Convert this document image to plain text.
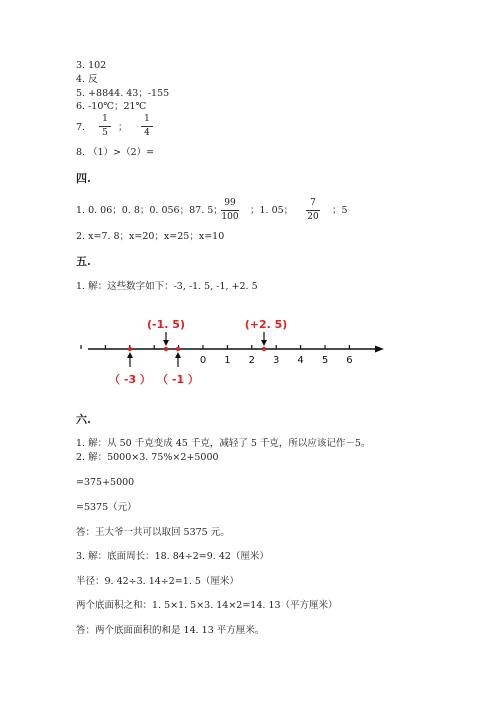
3. 102
4. 反
5. +8844. 43；-155
6. -10℃；21℃
7.
1
5	；
1
4
8. （1）>（2）=
四.
1. 0. 06；0. 8；0. 056；87. 5；
99
100
；1. 05；
7
20
；5
2. x=7. 8；x=20；x=25；x=10
五.
1. 解：这些数字如下：-3, -1. 5, -1, +2. 5
0 1 2 3 4 5 6
(-1. 5)	(+2. 5)
（ -3 ） （ -1 ）
六.
1. 解：从 50 千克变成 45 千克，减轻了 5 千克，所以应该记作－5。
2. 解：5000×3. 75%×2+5000
=375+5000
=5375（元）
答：王大爷一共可以取回 5375 元。
3. 解：底面周长：18. 84÷2=9. 42（厘米）
半径：9. 42÷3. 14÷2=1. 5（厘米）
两个底面积之和：1. 5×1. 5×3. 14×2=14. 13（平方厘米）
答：两个底面面积的和是 14. 13 平方厘米。
